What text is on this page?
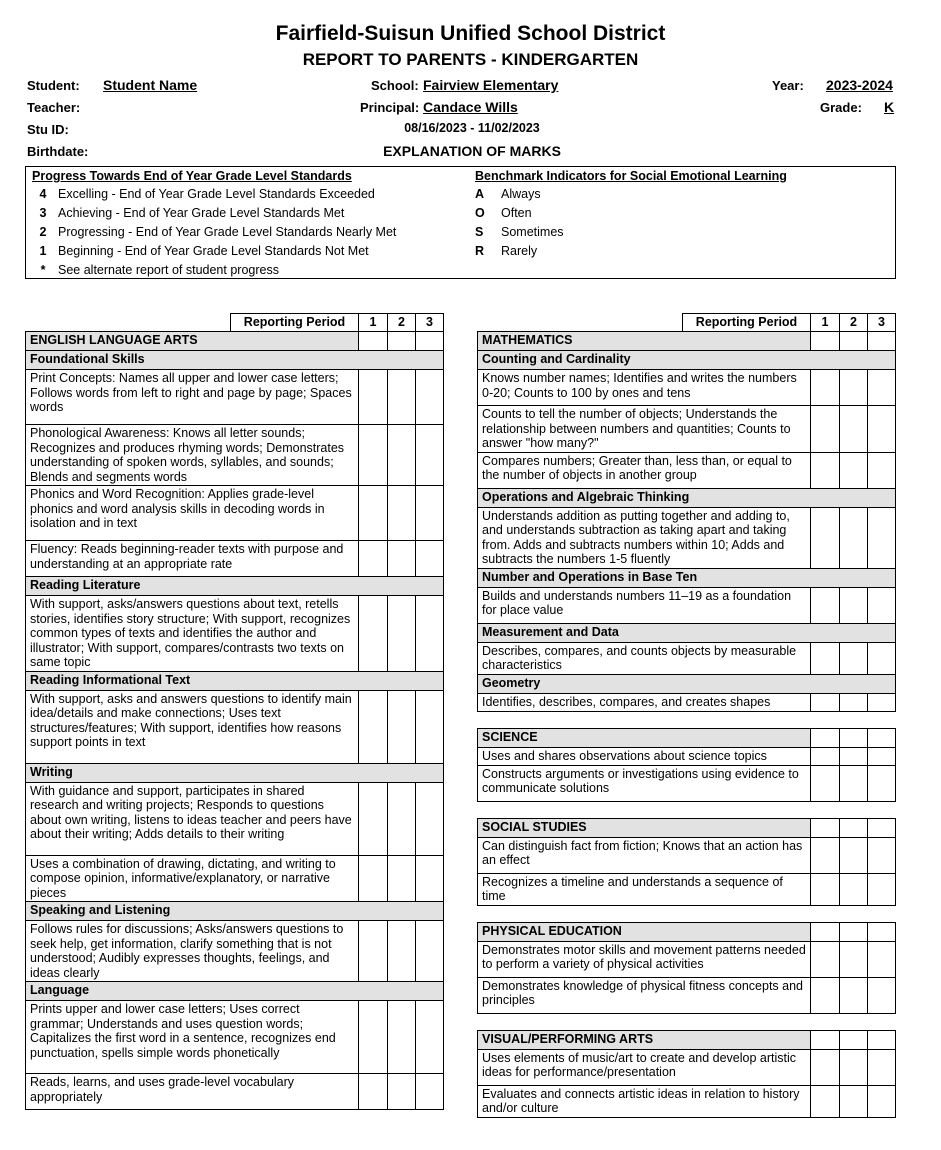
Fairfield-Suisun Unified School District
REPORT TO PARENTS - KINDERGARTEN
Student: Student Name	School: Fairview Elementary	Year: 2023-2024
Teacher:	Principal: Candace Wills	Grade: K
Stu ID:	08/16/2023 - 11/02/2023
Birthdate:	EXPLANATION OF MARKS
Progress Towards End of Year Grade Level Standards
4 Excelling - End of Year Grade Level Standards Exceeded
3 Achieving - End of Year Grade Level Standards Met
2 Progressing - End of Year Grade Level Standards Nearly Met
1 Beginning - End of Year Grade Level Standards Not Met
* See alternate report of student progress
Benchmark Indicators for Social Emotional Learning
A Always
O Often
S Sometimes
R Rarely
Reporting Period	1	2	3
ENGLISH LANGUAGE ARTS			
Foundational Skills			
Print Concepts: Names all upper and lower case letters; Follows words from left to right and page by page; Spaces words			
Phonological Awareness: Knows all letter sounds; Recognizes and produces rhyming words; Demonstrates understanding of spoken words, syllables, and sounds; Blends and segments words			
Phonics and Word Recognition: Applies grade-level phonics and word analysis skills in decoding words in isolation and in text			
Fluency: Reads beginning-reader texts with purpose and understanding at an appropriate rate			
Reading Literature			
With support, asks/answers questions about text, retells stories, identifies story structure; With support, recognizes common types of texts and identifies the author and illustrator; With support, compares/contrasts two texts on same topic			
Reading Informational Text			
With support, asks and answers questions to identify main idea/details and make connections; Uses text structures/features; With support, identifies how reasons support points in text			
Writing			
With guidance and support, participates in shared research and writing projects; Responds to questions about own writing, listens to ideas teacher and peers have about their writing; Adds details to their writing			
Uses a combination of drawing, dictating, and writing to compose opinion, informative/explanatory, or narrative pieces			
Speaking and Listening			
Follows rules for discussions; Asks/answers questions to seek help, get information, clarify something that is not understood; Audibly expresses thoughts, feelings, and ideas clearly			
Language			
Prints upper and lower case letters; Uses correct grammar; Understands and uses question words; Capitalizes the first word in a sentence, recognizes end punctuation, spells simple words phonetically			
Reads, learns, and uses grade-level vocabulary appropriately			
Reporting Period	1	2	3
MATHEMATICS			
Counting and Cardinality			
Knows number names; Identifies and writes the numbers 0-20; Counts to 100 by ones and tens			
Counts to tell the number of objects; Understands the relationship between numbers and quantities; Counts to answer "how many?"			
Compares numbers; Greater than, less than, or equal to the number of objects in another group			
Operations and Algebraic Thinking			
Understands addition as putting together and adding to, and understands subtraction as taking apart and taking from. Adds and subtracts numbers within 10; Adds and subtracts the numbers 1-5 fluently			
Number and Operations in Base Ten			
Builds and understands numbers 11–19 as a foundation for place value			
Measurement and Data			
Describes, compares, and counts objects by measurable characteristics			
Geometry			
Identifies, describes, compares, and creates shapes			

SCIENCE			
Uses and shares observations about science topics			
Constructs arguments or investigations using evidence to communicate solutions			

SOCIAL STUDIES			
Can distinguish fact from fiction; Knows that an action has an effect			
Recognizes a timeline and understands a sequence of time			

PHYSICAL EDUCATION			
Demonstrates motor skills and movement patterns needed to perform a variety of physical activities			
Demonstrates knowledge of physical fitness concepts and principles			

VISUAL/PERFORMING ARTS			
Uses elements of music/art to create and develop artistic ideas for performance/presentation			
Evaluates and connects artistic ideas in relation to history and/or culture			
